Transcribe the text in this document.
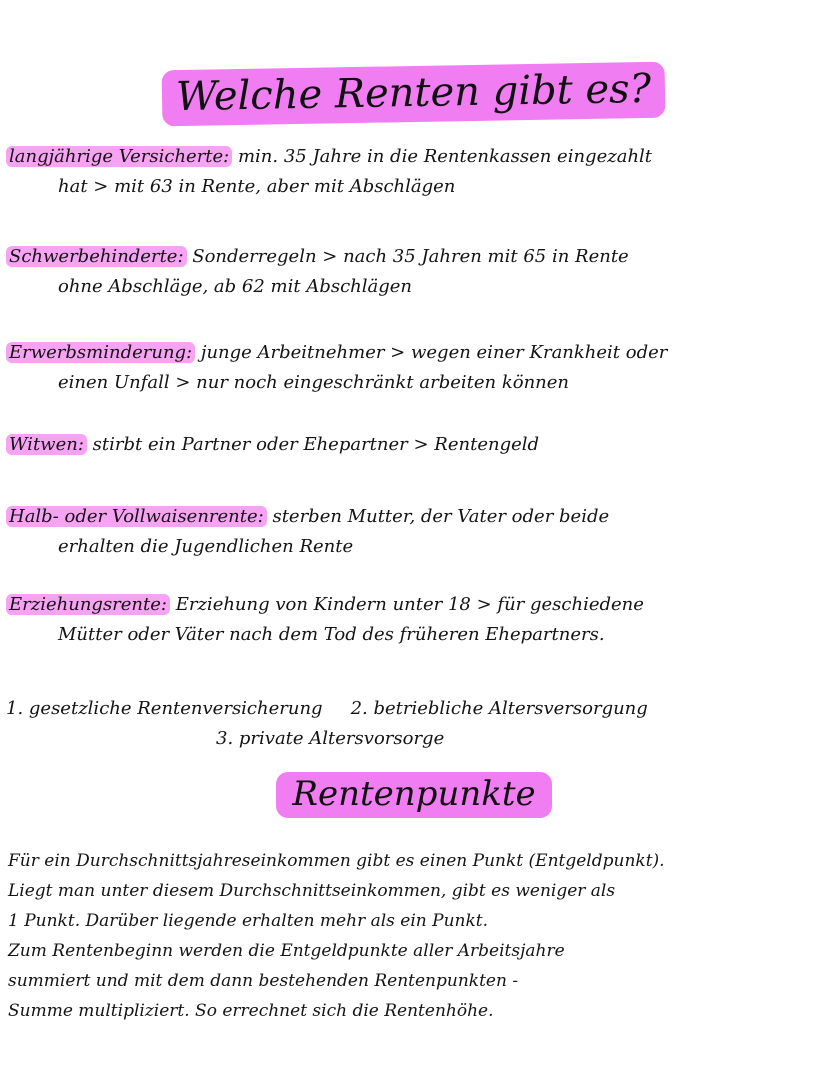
Welche Renten gibt es?
langjährige Versicherte: min. 35 Jahre in die Rentenkassen eingezahlt
hat > mit 63 in Rente, aber mit Abschlägen
Schwerbehinderte: Sonderregeln > nach 35 Jahren mit 65 in Rente
ohne Abschläge, ab 62 mit Abschlägen
Erwerbsminderung: junge Arbeitnehmer > wegen einer Krankheit oder
einen Unfall > nur noch eingeschränkt arbeiten können
Witwen: stirbt ein Partner oder Ehepartner > Rentengeld
Halb- oder Vollwaisenrente: sterben Mutter, der Vater oder beide
erhalten die Jugendlichen Rente
Erziehungsrente: Erziehung von Kindern unter 18 > für geschiedene
Mütter oder Väter nach dem Tod des früheren Ehepartners.
1. gesetzliche Rentenversicherung 2. betriebliche Altersversorgung
3. private Altersvorsorge
Rentenpunkte
Für ein Durchschnittsjahreseinkommen gibt es einen Punkt (Entgeldpunkt).
Liegt man unter diesem Durchschnittseinkommen, gibt es weniger als
1 Punkt. Darüber liegende erhalten mehr als ein Punkt.
Zum Rentenbeginn werden die Entgeldpunkte aller Arbeitsjahre
summiert und mit dem dann bestehenden Rentenpunkten -
Summe multipliziert. So errechnet sich die Rentenhöhe.
